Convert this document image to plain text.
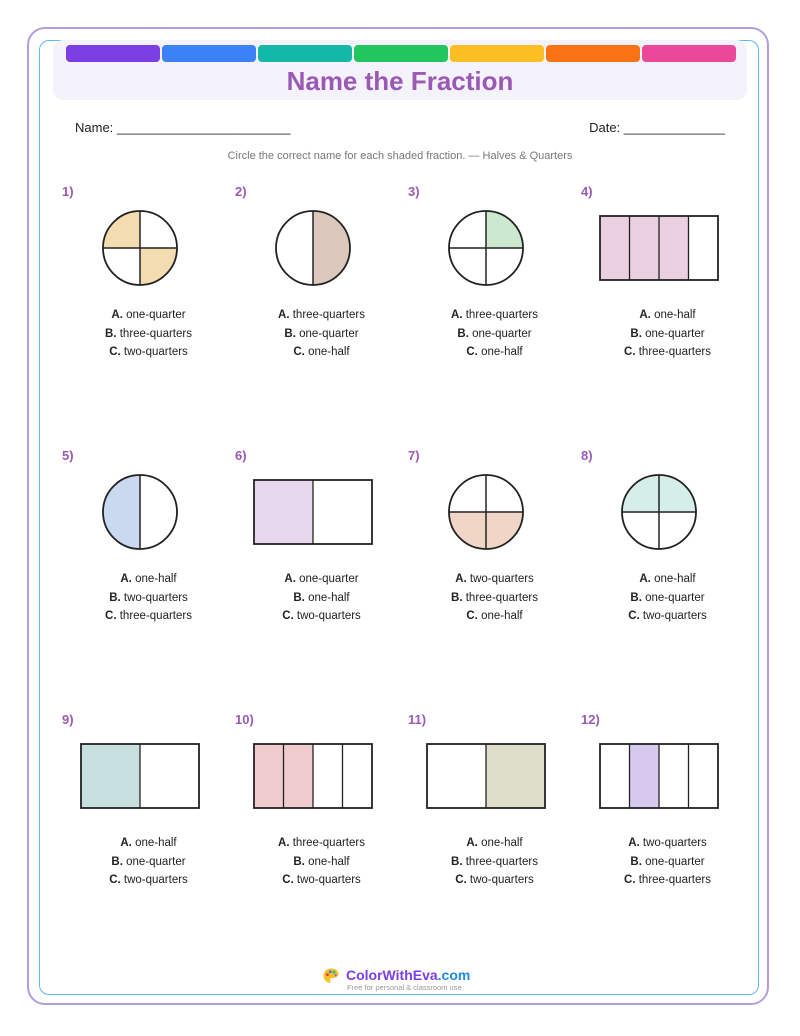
Name the Fraction
Name: ________________________	Date: ______________
Circle the correct name for each shaded fraction. — Halves & Quarters
1)
A. one-quarter
B. three-quarters
C. two-quarters
2)
A. three-quarters
B. one-quarter
C. one-half
3)
A. three-quarters
B. one-quarter
C. one-half
4)
A. one-half
B. one-quarter
C. three-quarters
5)
A. one-half
B. two-quarters
C. three-quarters
6)
A. one-quarter
B. one-half
C. two-quarters
7)
A. two-quarters
B. three-quarters
C. one-half
8)
A. one-half
B. one-quarter
C. two-quarters
9)
A. one-half
B. one-quarter
C. two-quarters
10)
A. three-quarters
B. one-half
C. two-quarters
11)
A. one-half
B. three-quarters
C. two-quarters
12)
A. two-quarters
B. one-quarter
C. three-quarters
ColorWithEva.com
Free for personal & classroom use
